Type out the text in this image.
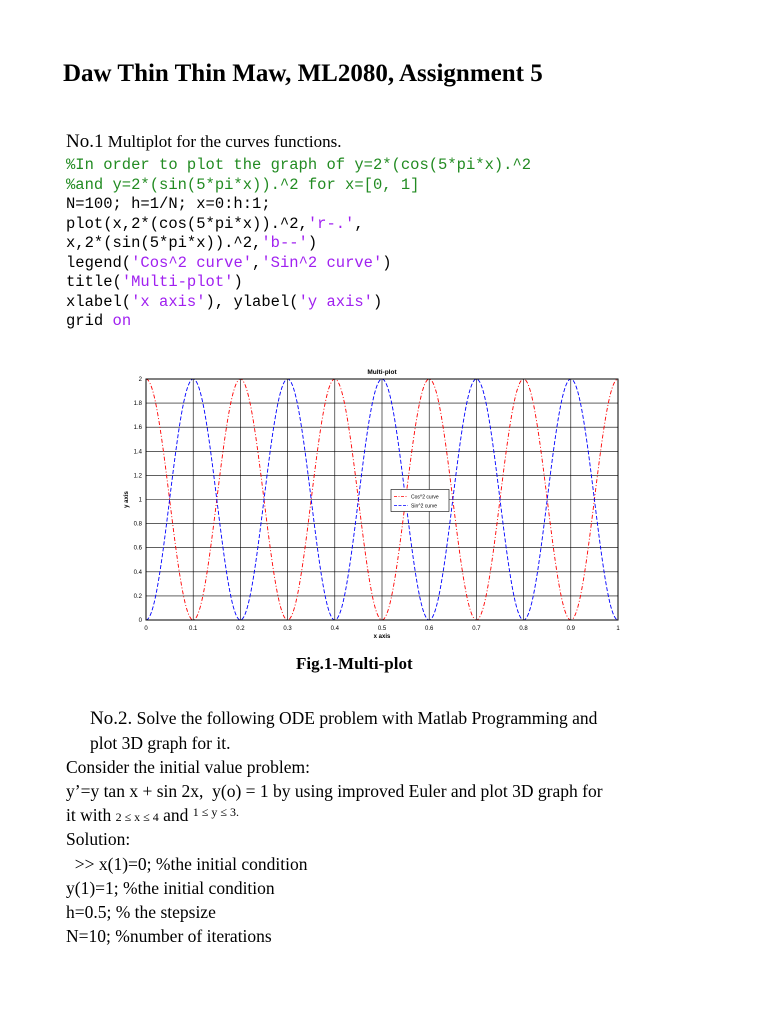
Daw Thin Thin Maw, ML2080, Assignment 5
No.1 Multiplot for the curves functions.
%In order to plot the graph of y=2*(cos(5*pi*x).^2
%and y=2*(sin(5*pi*x)).^2 for x=[0, 1]
N=100; h=1/N; x=0:h:1;
plot(x,2*(cos(5*pi*x)).^2,'r-.',
x,2*(sin(5*pi*x)).^2,'b--')
legend('Cos^2 curve','Sin^2 curve')
title('Multi-plot')
xlabel('x axis'), ylabel('y axis')
grid on
0	0.1	0.2	0.3	0.4	0.5	0.6	0.7	0.8	0.9	1
0
0.2
0.4
0.6
0.8
1
1.2
1.4
1.6
1.8
2
Multi-plot
x axis
y axis	Cos^2 curve
Sin^2 curve
Fig.1-Multi-plot
No.2. Solve the following ODE problem with Matlab Programming and
plot 3D graph for it.
Consider the initial value problem:
y’=y tan x + sin 2x,  y(o) = 1 by using improved Euler and plot 3D graph for
it with 2 ≤ x ≤ 4 and $^{1 \le y \le 3.}$
Solution:
>> x(1)=0; %the initial condition
y(1)=1; %the initial condition
h=0.5; % the stepsize
N=10; %number of iterations
